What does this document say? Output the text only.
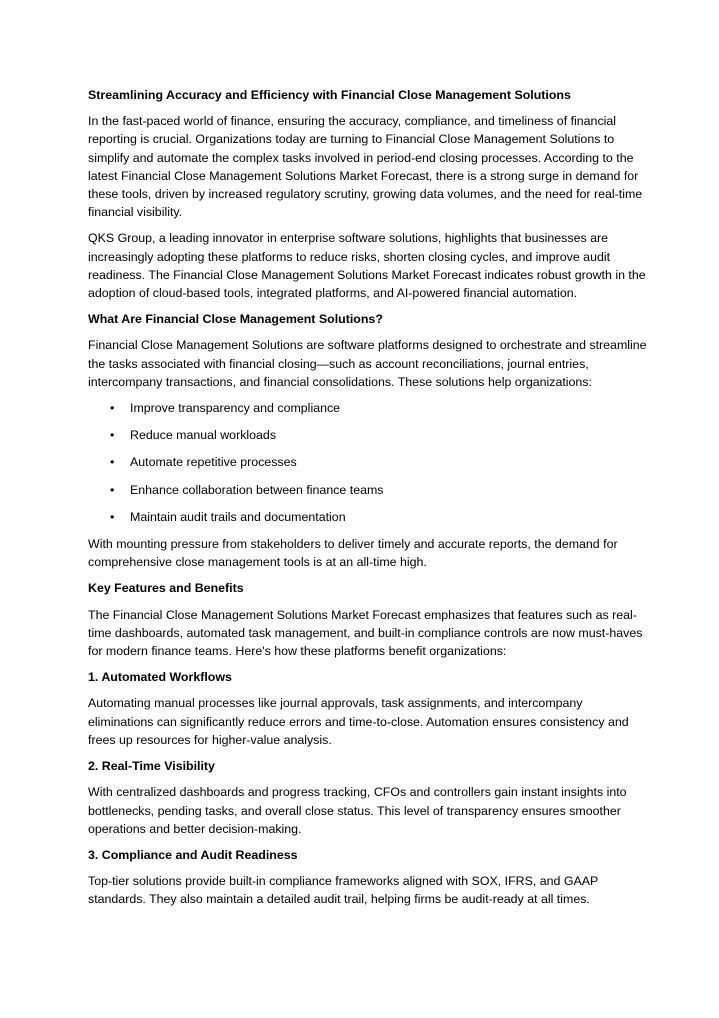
Streamlining Accuracy and Efficiency with Financial Close Management Solutions

In the fast-paced world of finance, ensuring the accuracy, compliance, and timeliness of financial reporting is crucial. Organizations today are turning to Financial Close Management Solutions to simplify and automate the complex tasks involved in period-end closing processes. According to the latest Financial Close Management Solutions Market Forecast, there is a strong surge in demand for these tools, driven by increased regulatory scrutiny, growing data volumes, and the need for real-time financial visibility.

QKS Group, a leading innovator in enterprise software solutions, highlights that businesses are increasingly adopting these platforms to reduce risks, shorten closing cycles, and improve audit readiness. The Financial Close Management Solutions Market Forecast indicates robust growth in the adoption of cloud-based tools, integrated platforms, and AI-powered financial automation.

What Are Financial Close Management Solutions?

Financial Close Management Solutions are software platforms designed to orchestrate and streamline the tasks associated with financial closing—such as account reconciliations, journal entries, intercompany transactions, and financial consolidations. These solutions help organizations:

• Improve transparency and compliance
• Reduce manual workloads
• Automate repetitive processes
• Enhance collaboration between finance teams
• Maintain audit trails and documentation

With mounting pressure from stakeholders to deliver timely and accurate reports, the demand for comprehensive close management tools is at an all-time high.

Key Features and Benefits

The Financial Close Management Solutions Market Forecast emphasizes that features such as real-time dashboards, automated task management, and built-in compliance controls are now must-haves for modern finance teams. Here's how these platforms benefit organizations:

1. Automated Workflows

Automating manual processes like journal approvals, task assignments, and intercompany eliminations can significantly reduce errors and time-to-close. Automation ensures consistency and frees up resources for higher-value analysis.

2. Real-Time Visibility

With centralized dashboards and progress tracking, CFOs and controllers gain instant insights into bottlenecks, pending tasks, and overall close status. This level of transparency ensures smoother operations and better decision-making.

3. Compliance and Audit Readiness

Top-tier solutions provide built-in compliance frameworks aligned with SOX, IFRS, and GAAP standards. They also maintain a detailed audit trail, helping firms be audit-ready at all times.
